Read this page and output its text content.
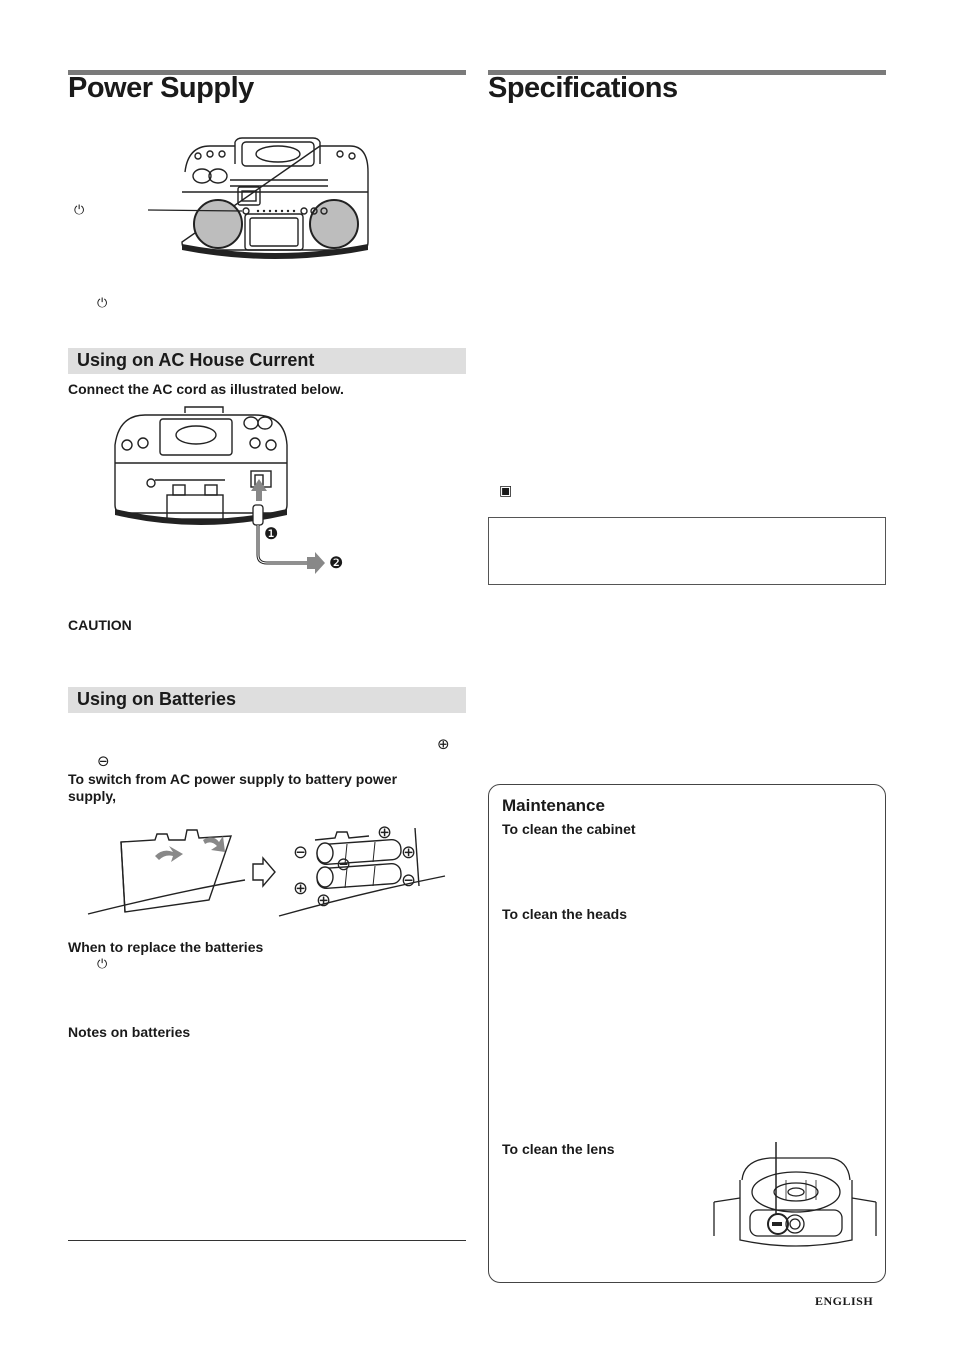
Power Supply
⏻
⏻
Using on AC House Current
Connect the AC cord as illustrated below.
❶
❷
CAUTION
Using on Batteries
⊕
⊖
To switch from AC power supply to battery power supply,
⊖
⊖
⊖
⊕
⊕
⊕
⊕
When to replace the batteries
⏻
Notes on batteries
Specifications
▣
Maintenance
To clean the cabinet
To clean the heads
To clean the lens
ENGLISH
